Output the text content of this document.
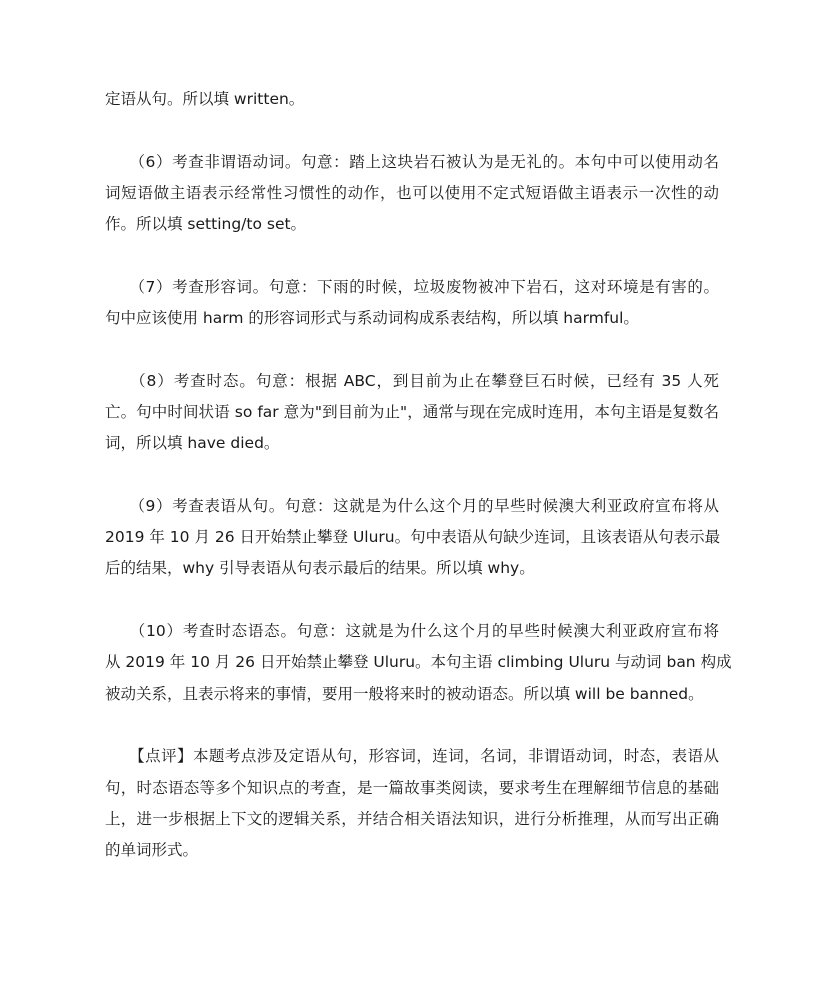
定语从句。所以填 written。
　　（6）考查非谓语动词。句意：踏上这块岩石被认为是无礼的。本句中可以使用动名
词短语做主语表示经常性习惯性的动作，也可以使用不定式短语做主语表示一次性的动
作。所以填 setting/to set。
　　（7）考查形容词。句意：下雨的时候，垃圾废物被冲下岩石，这对环境是有害的。
句中应该使用 harm 的形容词形式与系动词构成系表结构，所以填 harmful。
　　（8）考查时态。句意：根据 ABC，到目前为止在攀登巨石时候，已经有 35 人死
亡。句中时间状语 so far 意为"到目前为止"，通常与现在完成时连用，本句主语是复数名
词，所以填 have died。
　　（9）考查表语从句。句意：这就是为什么这个月的早些时候澳大利亚政府宣布将从
2019 年 10 月 26 日开始禁止攀登 Uluru。句中表语从句缺少连词，且该表语从句表示最
后的结果，why 引导表语从句表示最后的结果。所以填 why。
　　（10）考查时态语态。句意：这就是为什么这个月的早些时候澳大利亚政府宣布将
从 2019 年 10 月 26 日开始禁止攀登 Uluru。本句主语 climbing Uluru 与动词 ban 构成
被动关系，且表示将来的事情，要用一般将来时的被动语态。所以填 will be banned。
　　【点评】本题考点涉及定语从句，形容词，连词，名词，非谓语动词，时态，表语从
句，时态语态等多个知识点的考查，是一篇故事类阅读，要求考生在理解细节信息的基础
上，进一步根据上下文的逻辑关系，并结合相关语法知识，进行分析推理，从而写出正确
的单词形式。
